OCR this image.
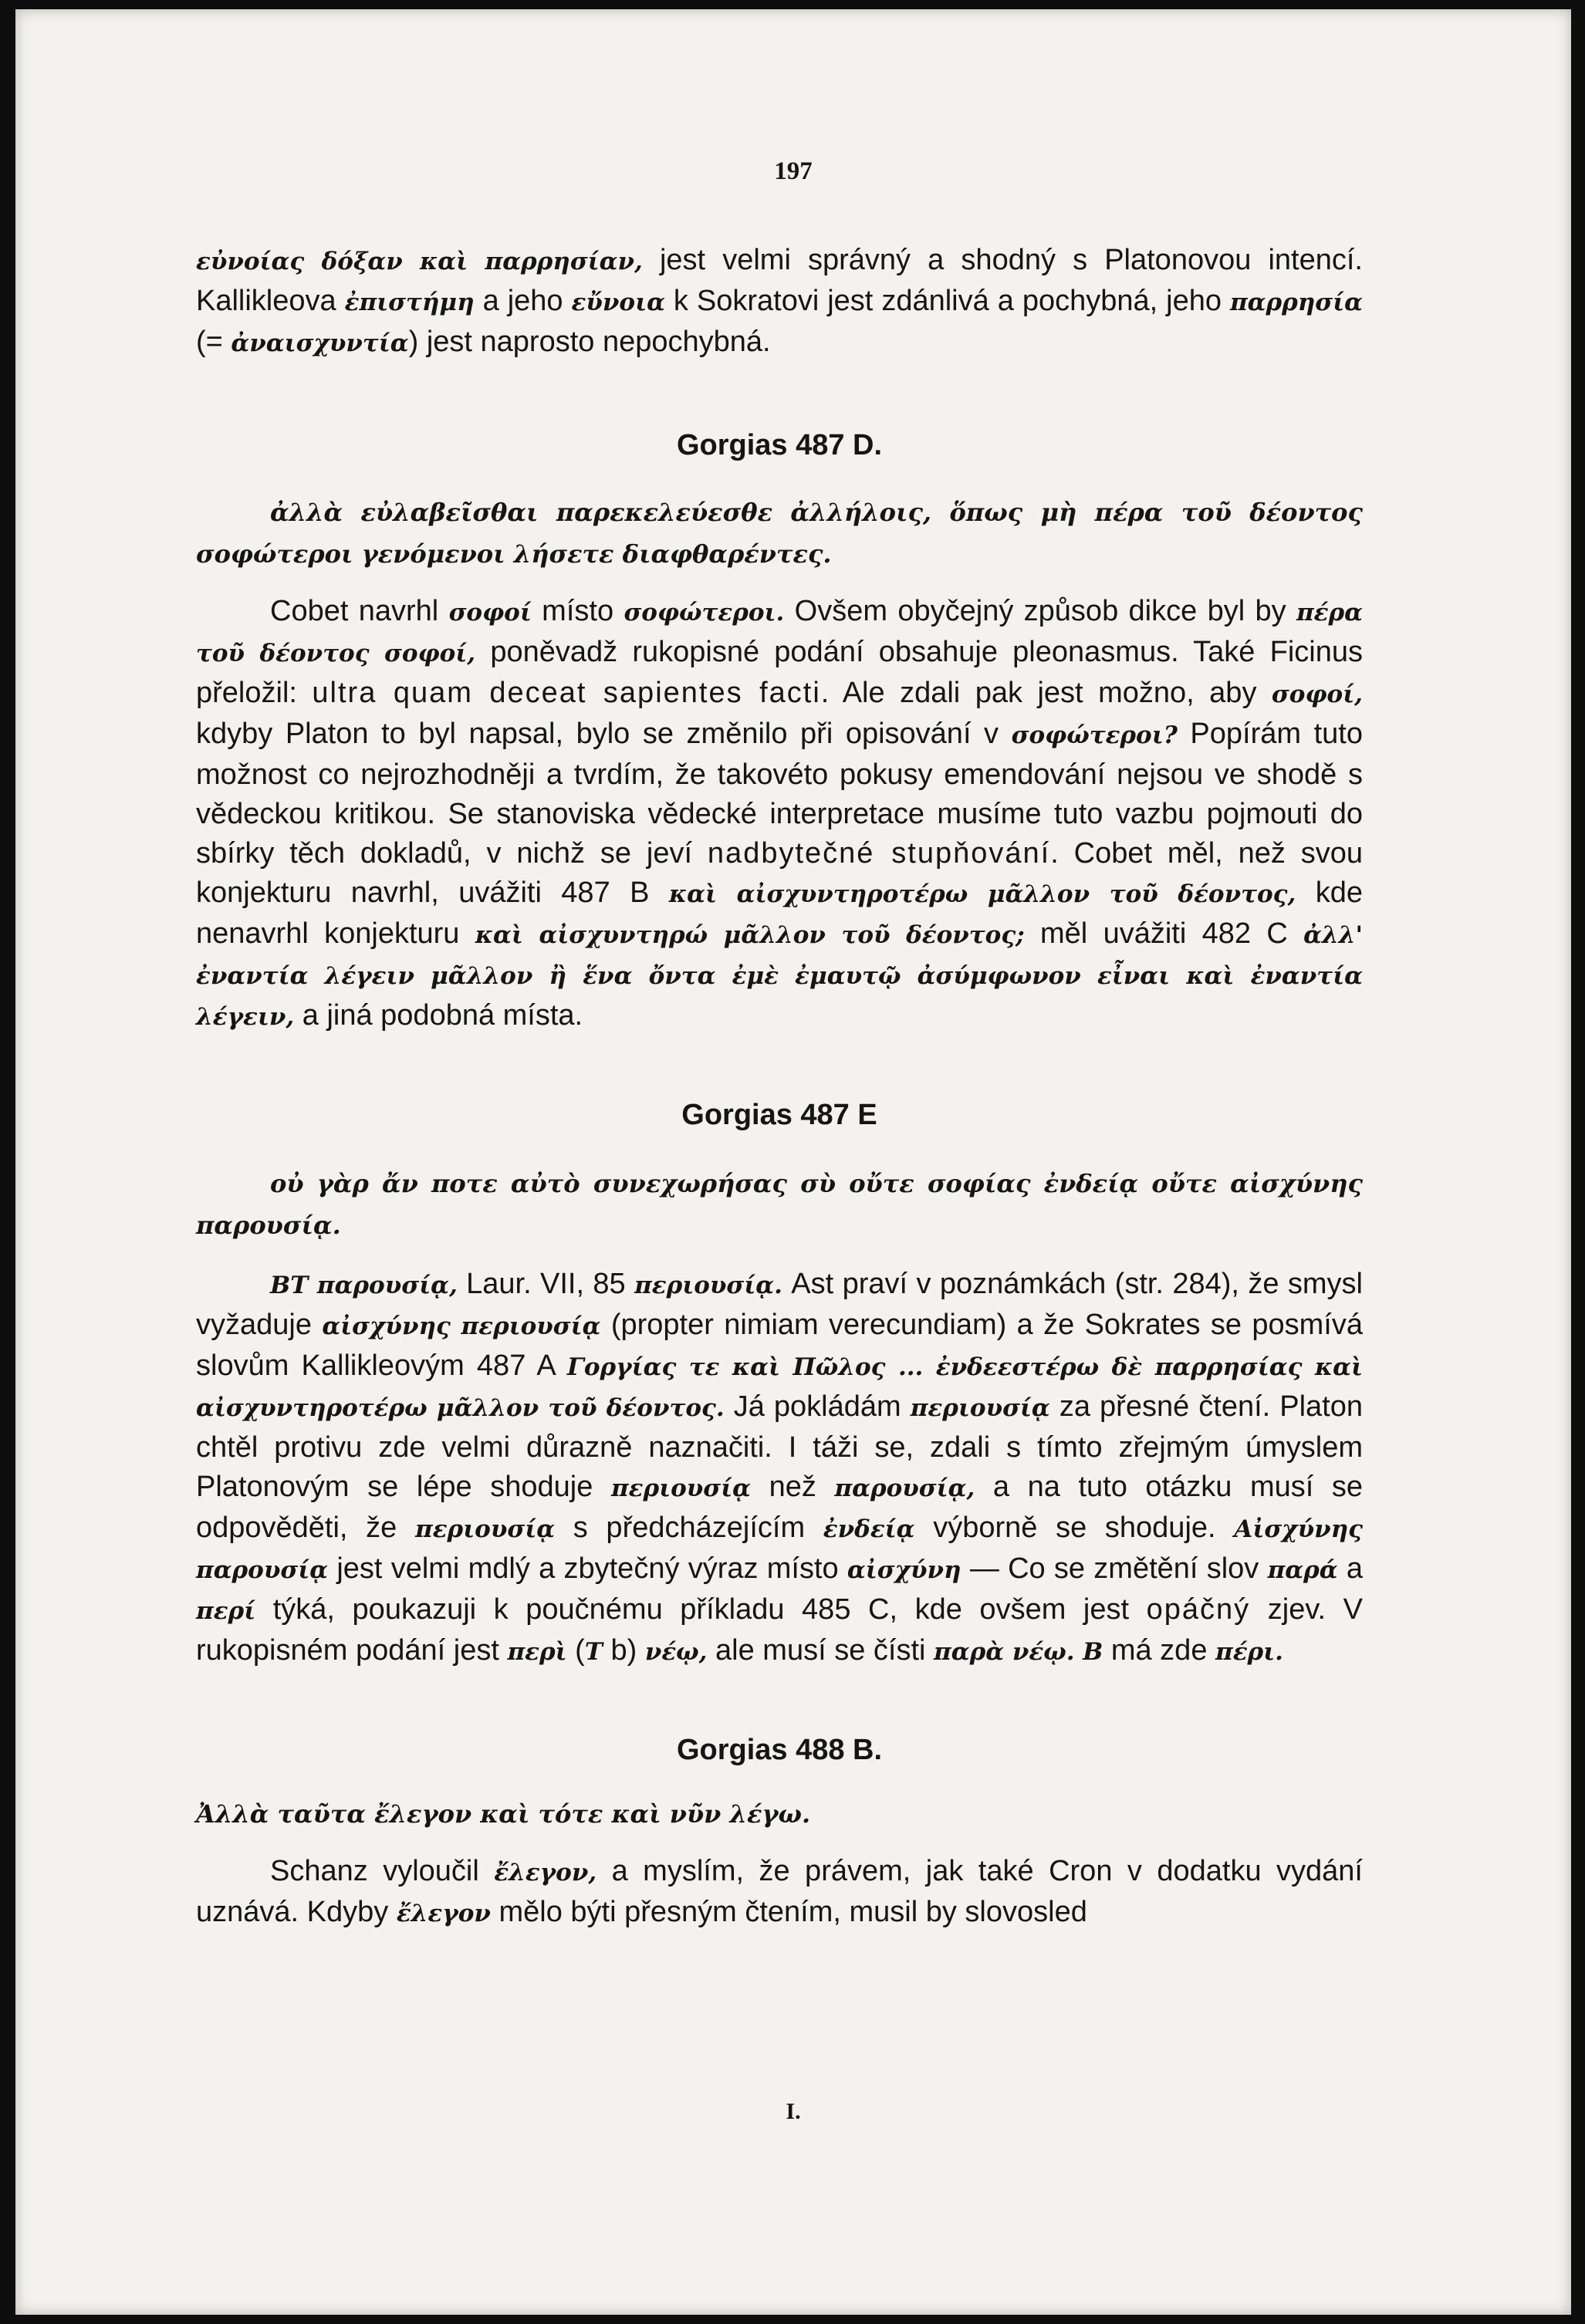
197

εὐνοίας δόξαν καὶ παρρησίαν, jest velmi správný a shodný s Platonovou intencí. Kallikleova ἐπιστήμη a jeho εὔνοια k Sokratovi jest zdánlivá a pochybná, jeho παρρησία (= ἀναισχυντία) jest naprosto nepochybná.

Gorgias 487 D.

ἀλλὰ εὐλαβεῖσθαι παρεκελεύεσθε ἀλλήλοις, ὅπως μὴ πέρα τοῦ δέοντος σοφώτεροι γενόμενοι λήσετε διαφθαρέντες.

Cobet navrhl σοφοί místo σοφώτεροι. Ovšem obyčejný způsob dikce byl by πέρα τοῦ δέοντος σοφοί, poněvadž rukopisné podání obsahuje pleonasmus. Také Ficinus přeložil: ultra quam deceat sapientes facti. Ale zdali pak jest možno, aby σοφοί, kdyby Platon to byl napsal, bylo se změnilo při opisování v σοφώτεροι? Popírám tuto možnost co nejrozhodněji a tvrdím, že takovéto pokusy emendování nejsou ve shodě s vědeckou kritikou. Se stanoviska vědecké interpretace musíme tuto vazbu pojmouti do sbírky těch dokladů, v nichž se jeví nadbytečné stupňování. Cobet měl, než svou konjekturu navrhl, uvážiti 487 B καὶ αἰσχυντηροτέρω μᾶλλον τοῦ δέοντος, kde nenavrhl konjekturu καὶ αἰσχυντηρώ μᾶλλον τοῦ δέοντος; měl uvážiti 482 C ἀλλ' ἐναντία λέγειν μᾶλλον ἢ ἕνα ὄντα ἐμὲ ἐμαυτῷ ἀσύμφωνον εἶναι καὶ ἐναντία λέγειν, a jiná podobná místa.

Gorgias 487 E

οὐ γὰρ ἄν ποτε αὐτὸ συνεχωρήσας σὺ οὔτε σοφίας ἐνδείᾳ οὔτε αἰσχύνης παρουσίᾳ.

BT παρουσίᾳ, Laur. VII, 85 περιουσίᾳ. Ast praví v poznámkách (str. 284), že smysl vyžaduje αἰσχύνης περιουσίᾳ (propter nimiam verecundiam) a že Sokrates se posmívá slovům Kallikleovým 487 A Γοργίας τε καὶ Πῶλος ... ἐνδεεστέρω δὲ παρρησίας καὶ αἰσχυντηροτέρω μᾶλλον τοῦ δέοντος. Já pokládám περιουσίᾳ za přesné čtení. Platon chtěl protivu zde velmi důrazně naznačiti. I táži se, zdali s tímto zřejmým úmyslem Platonovým se lépe shoduje περιουσίᾳ než παρουσίᾳ, a na tuto otázku musí se odpověděti, že περιουσίᾳ s předcházejícím ἐνδείᾳ výborně se shoduje. Αἰσχύνης παρουσίᾳ jest velmi mdlý a zbytečný výraz místo αἰσχύνη — Co se změtění slov παρά a περί týká, poukazuji k poučnému příkladu 485 C, kde ovšem jest opáčný zjev. V rukopisném podání jest περὶ (T b) νέῳ, ale musí se čísti παρὰ νέῳ. B má zde πέρι.

Gorgias 488 B.

Ἀλλὰ ταῦτα ἔλεγον καὶ τότε καὶ νῦν λέγω.

Schanz vyloučil ἔλεγον, a myslím, že právem, jak také Cron v dodatku vydání uznává. Kdyby ἔλεγον mělo býti přesným čtením, musil by slovosled

I.
